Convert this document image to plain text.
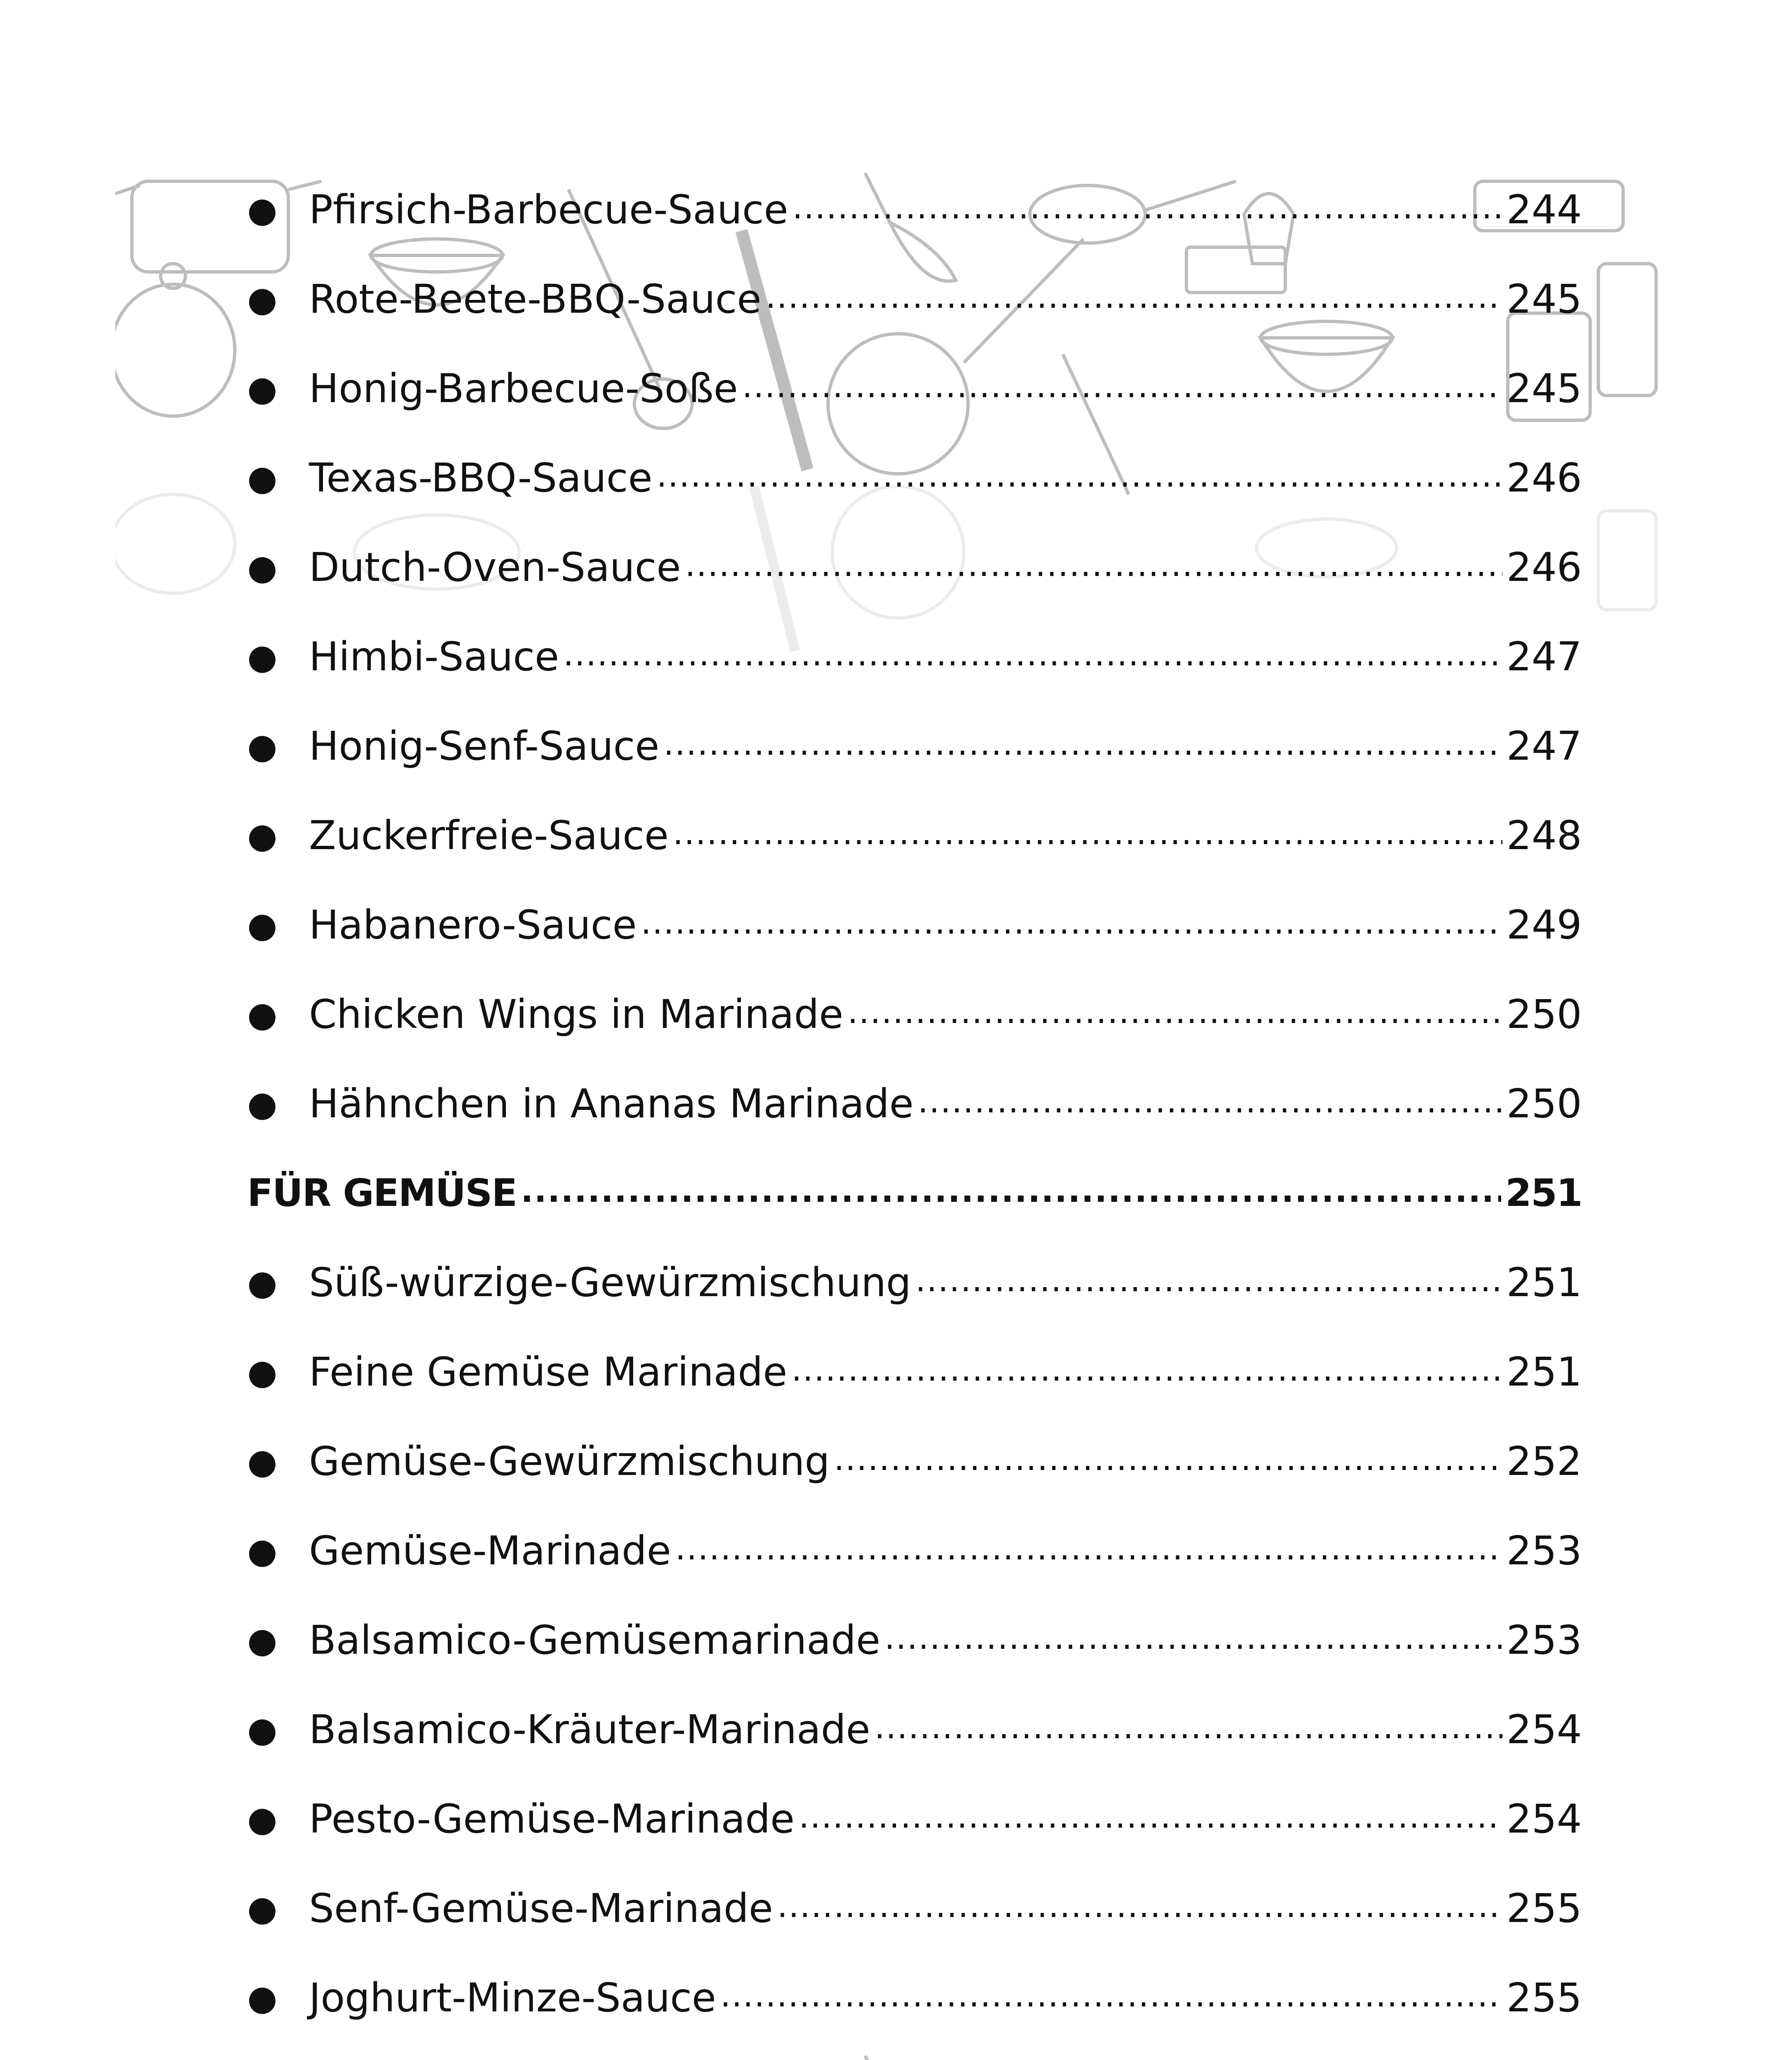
● Pfirsich-Barbecue-Sauce .....	244
● Rote-Beete-BBQ-Sauce .....	245
● Honig-Barbecue-Soße .....	245
● Texas-BBQ-Sauce .....	246
● Dutch-Oven-Sauce .....	246
● Himbi-Sauce .....	247
● Honig-Senf-Sauce .....	247
● Zuckerfreie-Sauce .....	248
● Habanero-Sauce .....	249
● Chicken Wings in Marinade .....	250
● Hähnchen in Ananas Marinade .....	250
FÜR GEMÜSE .....	251
● Süß-würzige-Gewürzmischung .....	251
● Feine Gemüse Marinade .....	251
● Gemüse-Gewürzmischung .....	252
● Gemüse-Marinade .....	253
● Balsamico-Gemüsemarinade .....	253
● Balsamico-Kräuter-Marinade .....	254
● Pesto-Gemüse-Marinade .....	254
● Senf-Gemüse-Marinade .....	255
● Joghurt-Minze-Sauce .....	255
